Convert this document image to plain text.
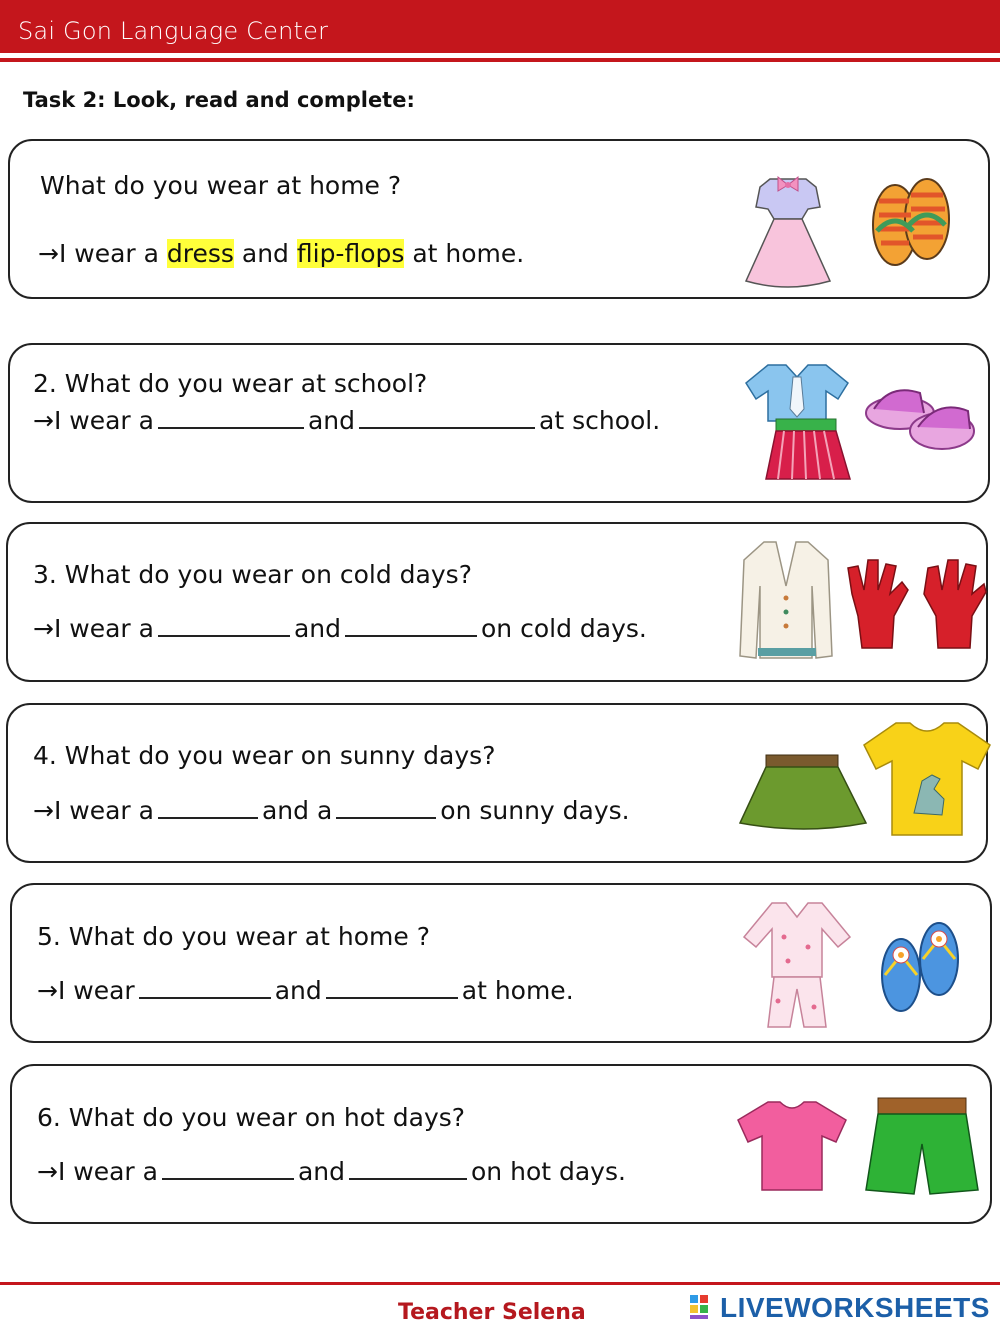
Sai Gon Language Center
Task 2: Look, read and complete:
What do you wear at home ?
→I wear a dress and flip-flops at home.
2. What do you wear at school?
→I wear a	and	at school.
3. What do you wear on cold days?
→I wear a	and	on cold days.
4. What do you wear on sunny days?
→I wear a	and a	on sunny days.
5. What do you wear at home ?
→I wear	and	at home.
6. What do you wear on hot days?
→I wear a	and	on hot days.
Teacher Selena	LIVEWORKSHEETS
